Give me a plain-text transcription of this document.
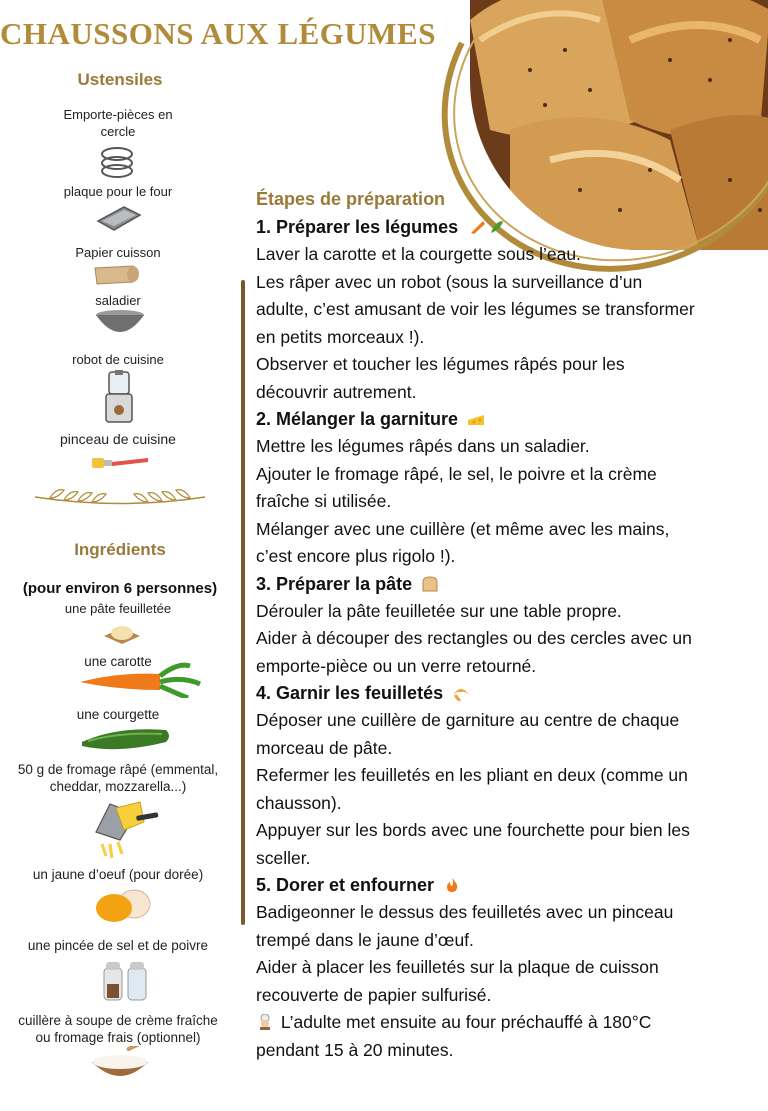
CHAUSSONS AUX LÉGUMES
Ustensiles
Emporte-pièces en
cercle
plaque pour le four
Papier cuisson
saladier
robot de cuisine
pinceau de cuisine
Ingrédients
(pour environ 6 personnes)
une pâte feuilletée
une carotte
une courgette
50 g de fromage râpé (emmental,
cheddar, mozzarella...)
un jaune d’oeuf (pour dorée)
une pincée de sel et de poivre
cuillère à soupe de crème fraîche
ou fromage frais (optionnel)
Étapes de préparation
1. Préparer les légumes
Laver la carotte et la courgette sous l’eau.
Les râper avec un robot (sous la surveillance d’un
adulte, c’est amusant de voir les légumes se transformer
en petits morceaux !).
Observer et toucher les légumes râpés pour les
découvrir autrement.
2. Mélanger la garniture
Mettre les légumes râpés dans un saladier.
Ajouter le fromage râpé, le sel, le poivre et la crème
fraîche si utilisée.
Mélanger avec une cuillère (et même avec les mains,
c’est encore plus rigolo !).
3. Préparer la pâte
Dérouler la pâte feuilletée sur une table propre.
Aider à découper des rectangles ou des cercles avec un
emporte-pièce ou un verre retourné.
4. Garnir les feuilletés
Déposer une cuillère de garniture au centre de chaque
morceau de pâte.
Refermer les feuilletés en les pliant en deux (comme un
chausson).
Appuyer sur les bords avec une fourchette pour bien les
sceller.
5. Dorer et enfourner
Badigeonner le dessus des feuilletés avec un pinceau
trempé dans le jaune d’œuf.
Aider à placer les feuilletés sur la plaque de cuisson
recouverte de papier sulfurisé.
L’adulte met ensuite au four préchauffé à 180°C
pendant 15 à 20 minutes.
